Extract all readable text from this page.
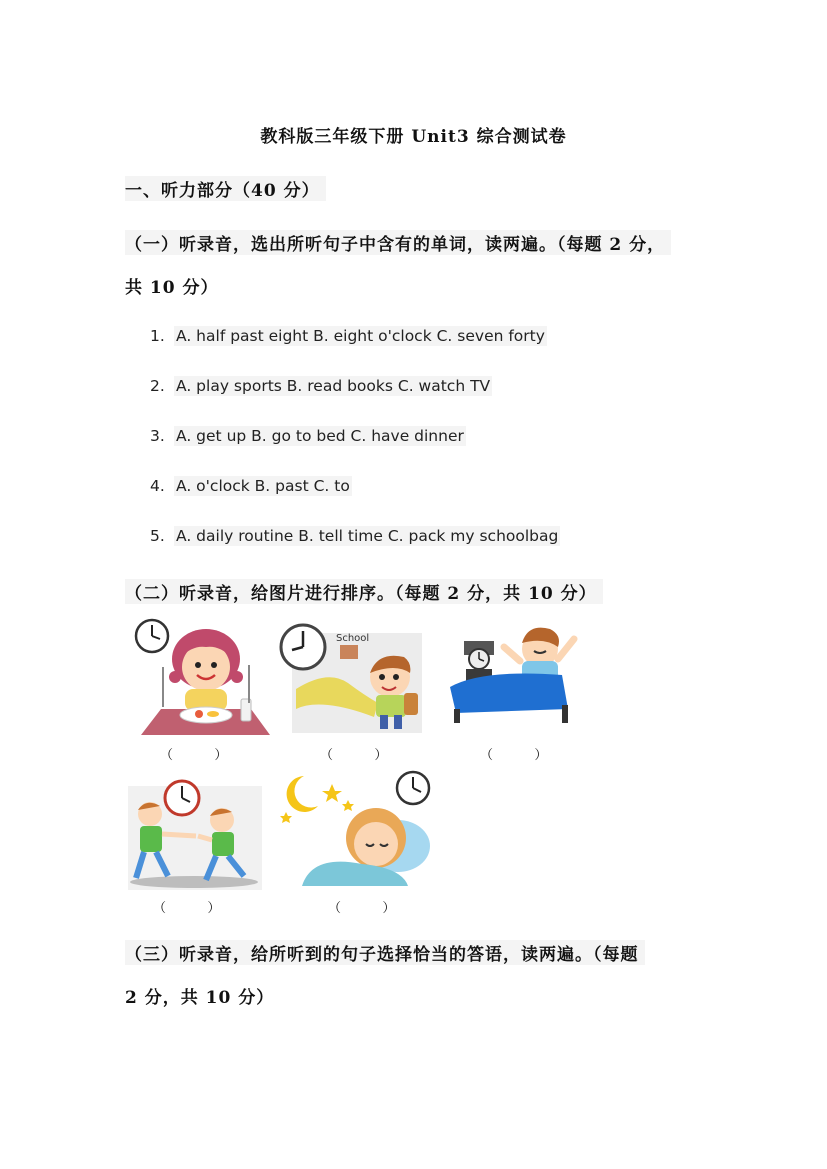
教科版三年级下册 Unit3 综合测试卷
一、听力部分（40 分）
（一）听录音，选出所听句子中含有的单词，读两遍。（每题 2 分，
共 10 分）
1. A. half past eight B. eight o'clock C. seven forty
2. A. play sports B. read books C. watch TV
3. A. get up B. go to bed C. have dinner
4. A. o'clock B. past C. to
5. A. daily routine B. tell time C. pack my schoolbag
（二）听录音，给图片进行排序。（每题 2 分，共 10 分）
（          ）
School
（          ）	（          ）
（          ）	（          ）
（三）听录音，给所听到的句子选择恰当的答语，读两遍。（每题
2 分，共 10 分）
